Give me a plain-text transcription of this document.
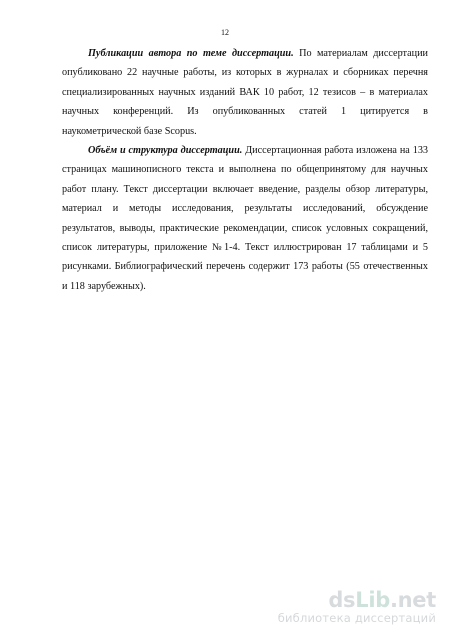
12

Публикации автора по теме диссертации. По материалам диссертации опубликовано 22 научные работы, из которых в журналах и сборниках перечня специализированных научных изданий ВАК 10 работ, 12 тезисов – в материалах научных конференций. Из опубликованных статей 1 цитируется в наукометрической базе Scopus.

Объём и структура диссертации. Диссертационная работа изложена на 133 страницах машинописного текста и выполнена по общепринятому для научных работ плану. Текст диссертации включает введение, разделы обзор литературы, материал и методы исследования, результаты исследований, обсуждение результатов, выводы, практические рекомендации, список условных сокращений, список литературы, приложение №1-4. Текст иллюстрирован 17 таблицами и 5 рисунками. Библиографический перечень содержит 173 работы (55 отечественных и 118 зарубежных).

dsLib.net
библиотека диссертаций
